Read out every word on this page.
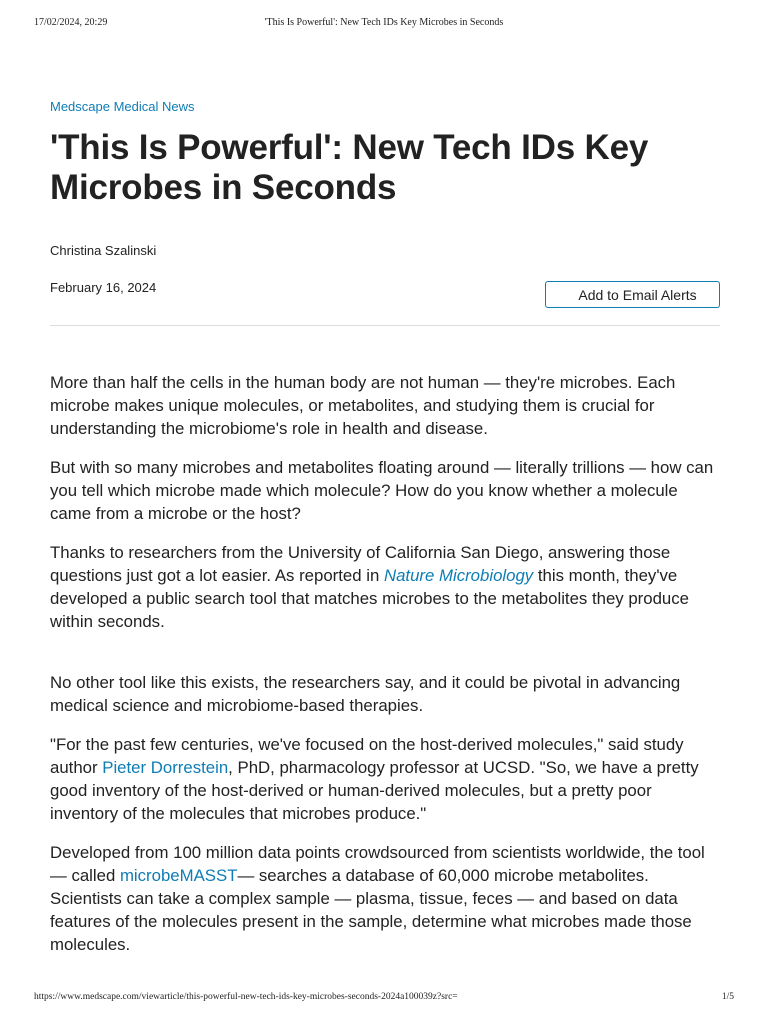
17/02/2024, 20:29	'This Is Powerful': New Tech IDs Key Microbes in Seconds
Medscape Medical News
'This Is Powerful': New Tech IDs Key Microbes in Seconds
Christina Szalinski
February 16, 2024	Add to Email Alerts

More than half the cells in the human body are not human — they're microbes. Each microbe makes unique molecules, or metabolites, and studying them is crucial for understanding the microbiome's role in health and disease.

But with so many microbes and metabolites floating around — literally trillions — how can you tell which microbe made which molecule? How do you know whether a molecule came from a microbe or the host?

Thanks to researchers from the University of California San Diego, answering those questions just got a lot easier. As reported in Nature Microbiology this month, they've developed a public search tool that matches microbes to the metabolites they produce within seconds.

No other tool like this exists, the researchers say, and it could be pivotal in advancing medical science and microbiome-based therapies.

"For the past few centuries, we've focused on the host-derived molecules," said study author Pieter Dorrestein, PhD, pharmacology professor at UCSD. "So, we have a pretty good inventory of the host-derived or human-derived molecules, but a pretty poor inventory of the molecules that microbes produce."

Developed from 100 million data points crowdsourced from scientists worldwide, the tool — called microbeMASST— searches a database of 60,000 microbe metabolites. Scientists can take a complex sample — plasma, tissue, feces — and based on data features of the molecules present in the sample, determine what microbes made those molecules.

https://www.medscape.com/viewarticle/this-powerful-new-tech-ids-key-microbes-seconds-2024a100039z?src=	1/5
